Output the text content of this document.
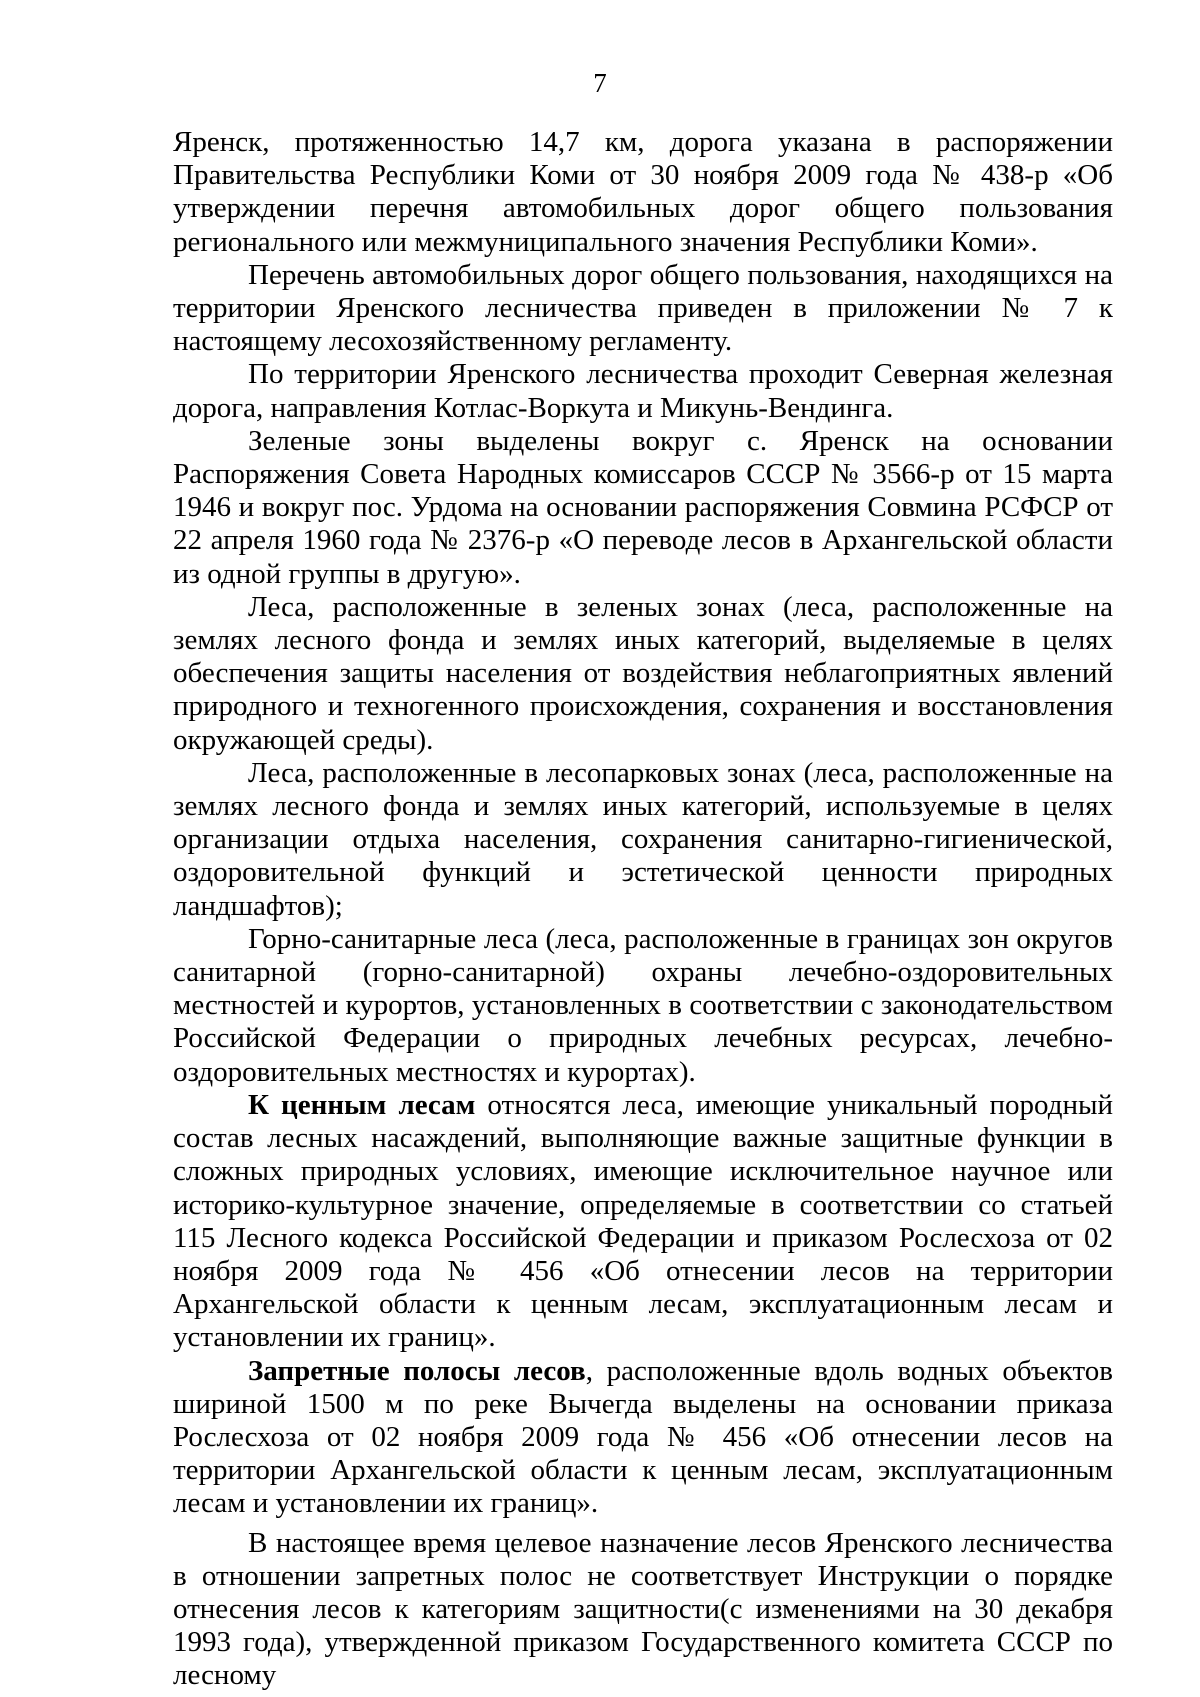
7

Яренск, протяженностью 14,7 км, дорога указана в распоряжении Правительства Республики Коми от 30 ноября 2009 года № 438-р «Об утверждении перечня автомобильных дорог общего пользования регионального или межмуниципального значения Республики Коми».

Перечень автомобильных дорог общего пользования, находящихся на территории Яренского лесничества приведен в приложении № 7 к настоящему лесохозяйственному регламенту.

По территории Яренского лесничества проходит Северная железная дорога, направления Котлас-Воркута и Микунь-Вендинга.

Зеленые зоны выделены вокруг с. Яренск на основании Распоряжения Совета Народных комиссаров СССР № 3566-р от 15 марта 1946 и вокруг пос. Урдома на основании распоряжения Совмина РСФСР от 22 апреля 1960 года № 2376-р «О переводе лесов в Архангельской области из одной группы в другую».

Леса, расположенные в зеленых зонах (леса, расположенные на землях лесного фонда и землях иных категорий, выделяемые в целях обеспечения защиты населения от воздействия неблагоприятных явлений природного и техногенного происхождения, сохранения и восстановления окружающей среды).

Леса, расположенные в лесопарковых зонах (леса, расположенные на землях лесного фонда и землях иных категорий, используемые в целях организации отдыха населения, сохранения санитарно-гигиенической, оздоровительной функций и эстетической ценности природных ландшафтов);

Горно-санитарные леса (леса, расположенные в границах зон округов санитарной (горно-санитарной) охраны лечебно-оздоровительных местностей и курортов, установленных в соответствии с законодательством Российской Федерации о природных лечебных ресурсах, лечебно-оздоровительных местностях и курортах).

К ценным лесам относятся леса, имеющие уникальный породный состав лесных насаждений, выполняющие важные защитные функции в сложных природных условиях, имеющие исключительное научное или историко-культурное значение, определяемые в соответствии со статьей 115 Лесного кодекса Российской Федерации и приказом Рослесхоза от 02 ноября 2009 года № 456 «Об отнесении лесов на территории Архангельской области к ценным лесам, эксплуатационным лесам и установлении их границ».

Запретные полосы лесов, расположенные вдоль водных объектов шириной 1500 м по реке Вычегда выделены на основании приказа Рослесхоза от 02 ноября 2009 года № 456 «Об отнесении лесов на территории Архангельской области к ценным лесам, эксплуатационным лесам и установлении их границ».

В настоящее время целевое назначение лесов Яренского лесничества в отношении запретных полос не соответствует Инструкции о порядке отнесения лесов к категориям защитности(с изменениями на 30 декабря 1993 года), утвержденной приказом Государственного комитета СССР по лесному
